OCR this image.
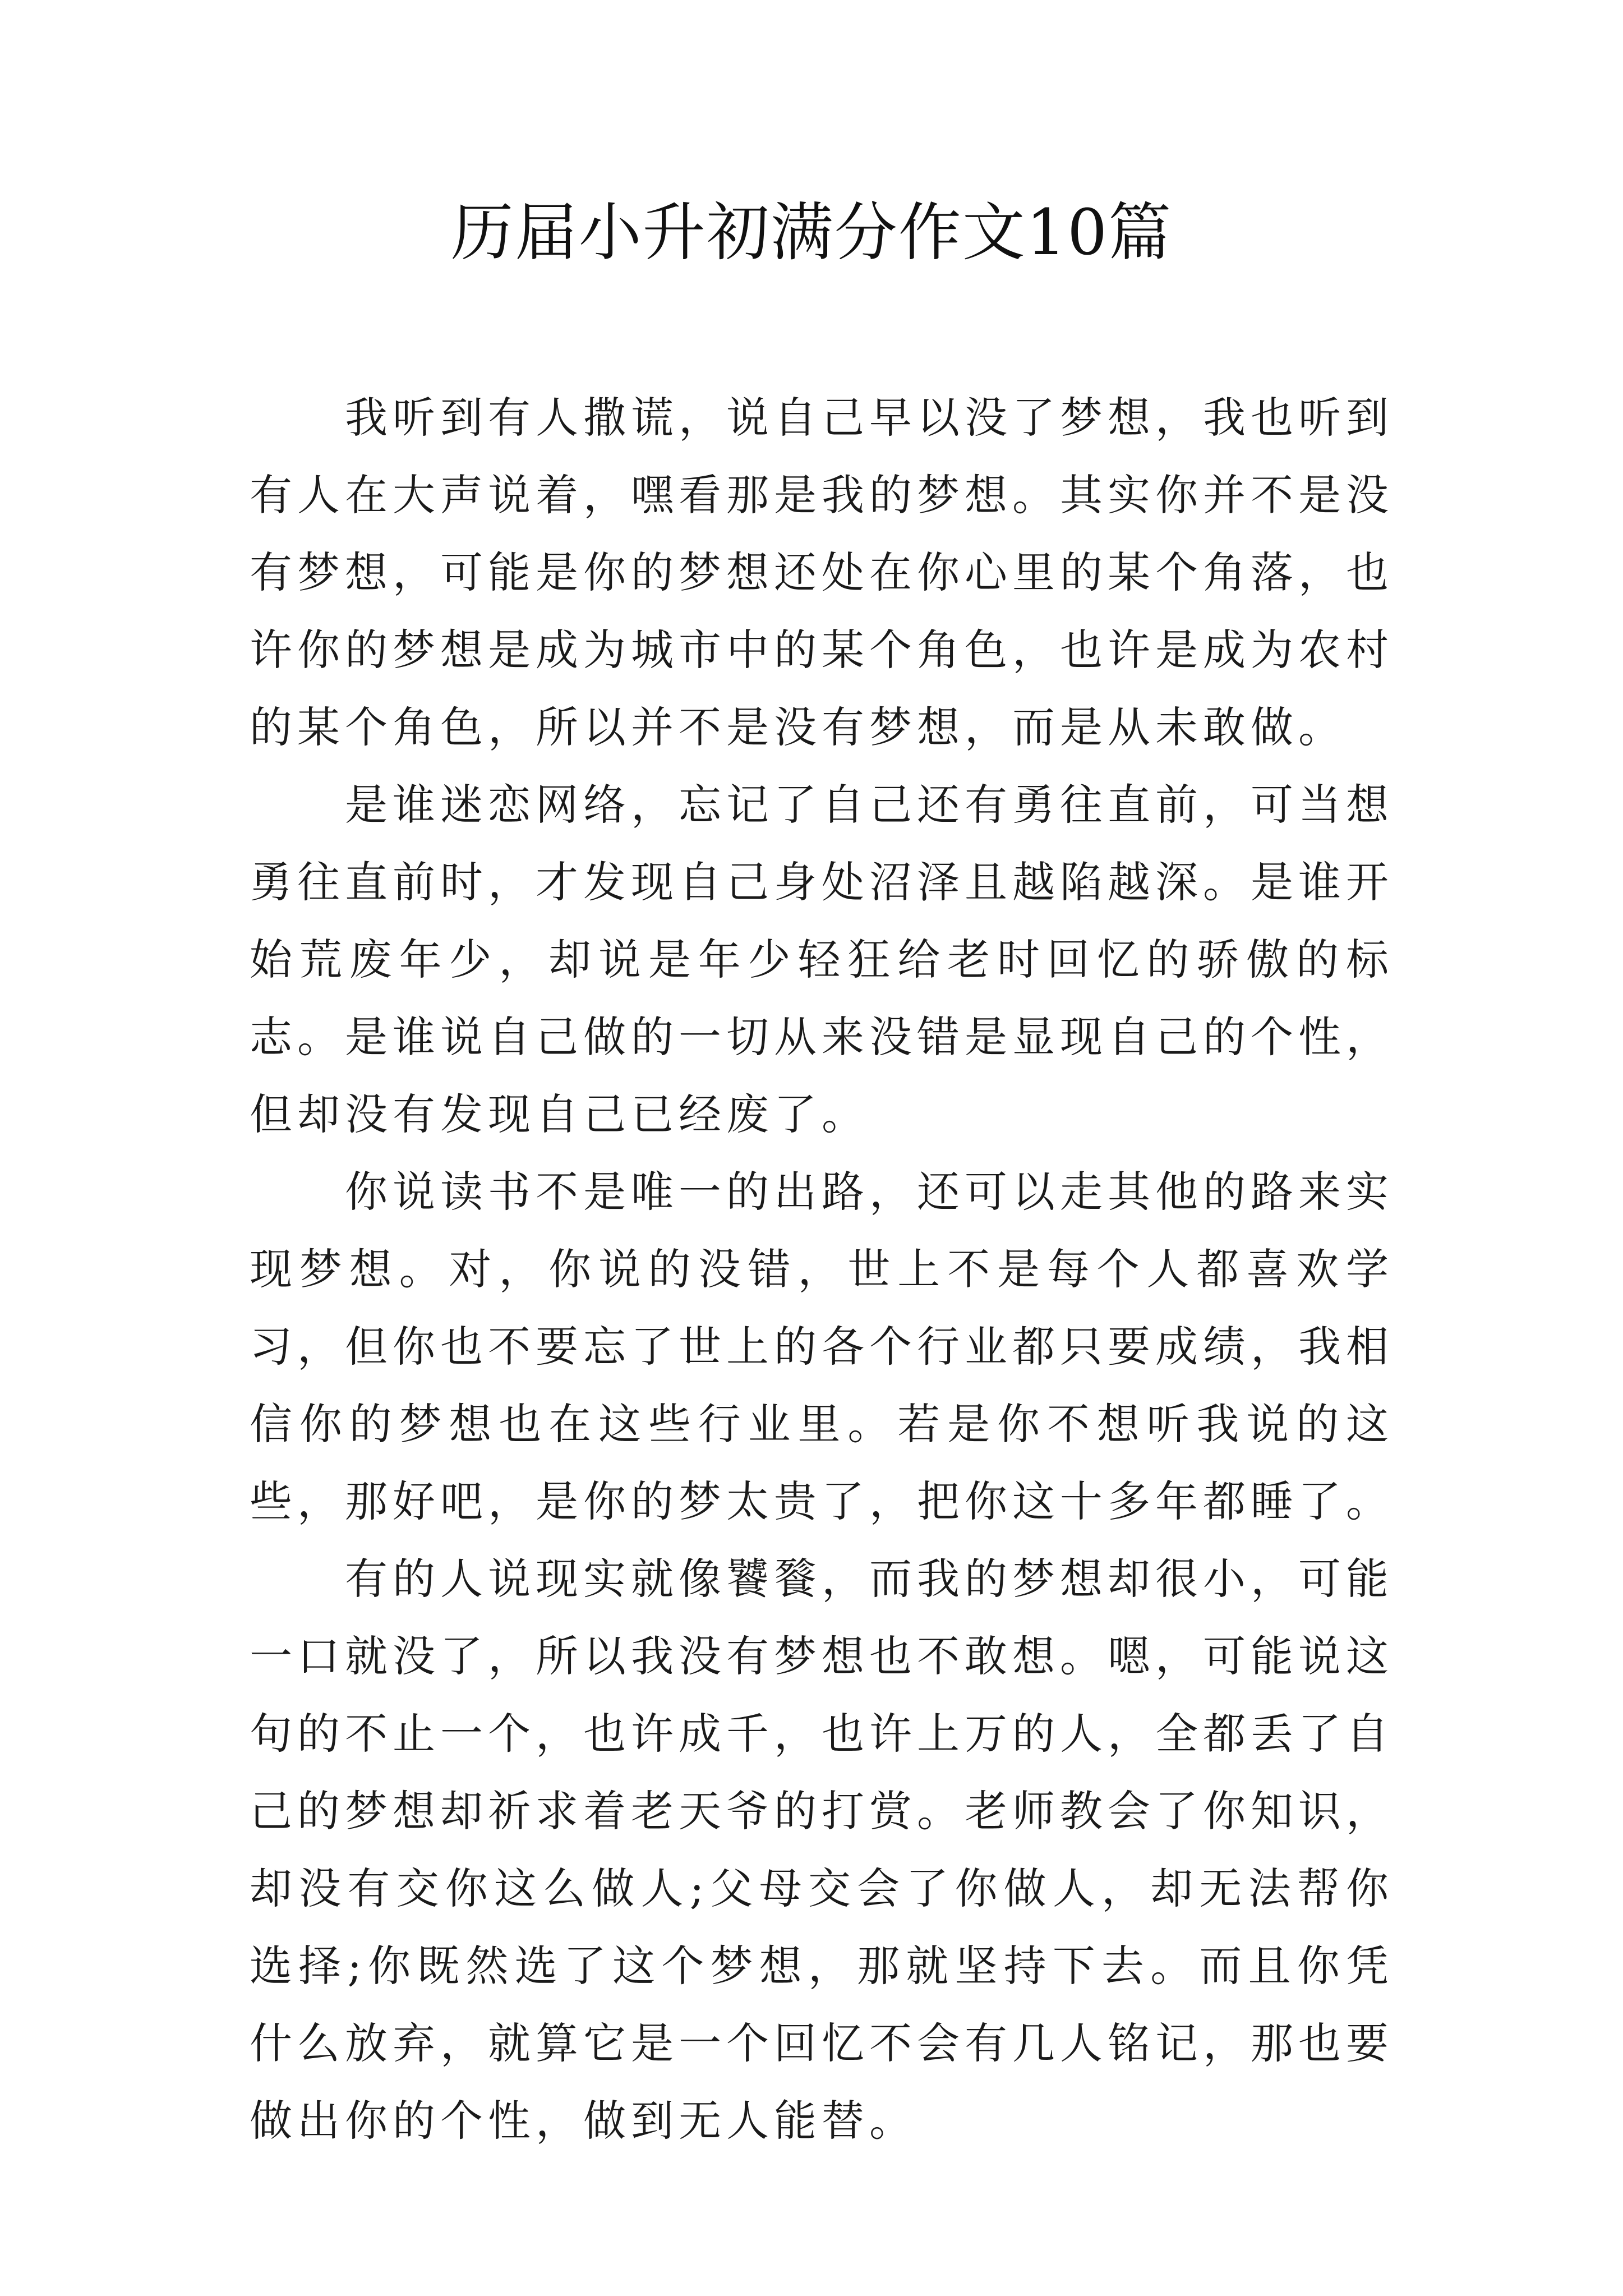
历届小升初满分作文10篇

我听到有人撒谎，说自己早以没了梦想，我也听到有人在大声说着，嘿看那是我的梦想。其实你并不是没有梦想，可能是你的梦想还处在你心里的某个角落，也许你的梦想是成为城市中的某个角色，也许是成为农村的某个角色，所以并不是没有梦想，而是从未敢做。

是谁迷恋网络，忘记了自己还有勇往直前，可当想勇往直前时，才发现自己身处沼泽且越陷越深。是谁开始荒废年少，却说是年少轻狂给老时回忆的骄傲的标志。是谁说自己做的一切从来没错是显现自己的个性，但却没有发现自己已经废了。

你说读书不是唯一的出路，还可以走其他的路来实现梦想。对，你说的没错，世上不是每个人都喜欢学习，但你也不要忘了世上的各个行业都只要成绩，我相信你的梦想也在这些行业里。若是你不想听我说的这些，那好吧，是你的梦太贵了，把你这十多年都睡了。

有的人说现实就像饕餮，而我的梦想却很小，可能一口就没了，所以我没有梦想也不敢想。嗯，可能说这句的不止一个，也许成千，也许上万的人，全都丢了自己的梦想却祈求着老天爷的打赏。老师教会了你知识，却没有交你这么做人;父母交会了你做人，却无法帮你选择;你既然选了这个梦想，那就坚持下去。而且你凭什么放弃，就算它是一个回忆不会有几人铭记，那也要做出你的个性，做到无人能替。
